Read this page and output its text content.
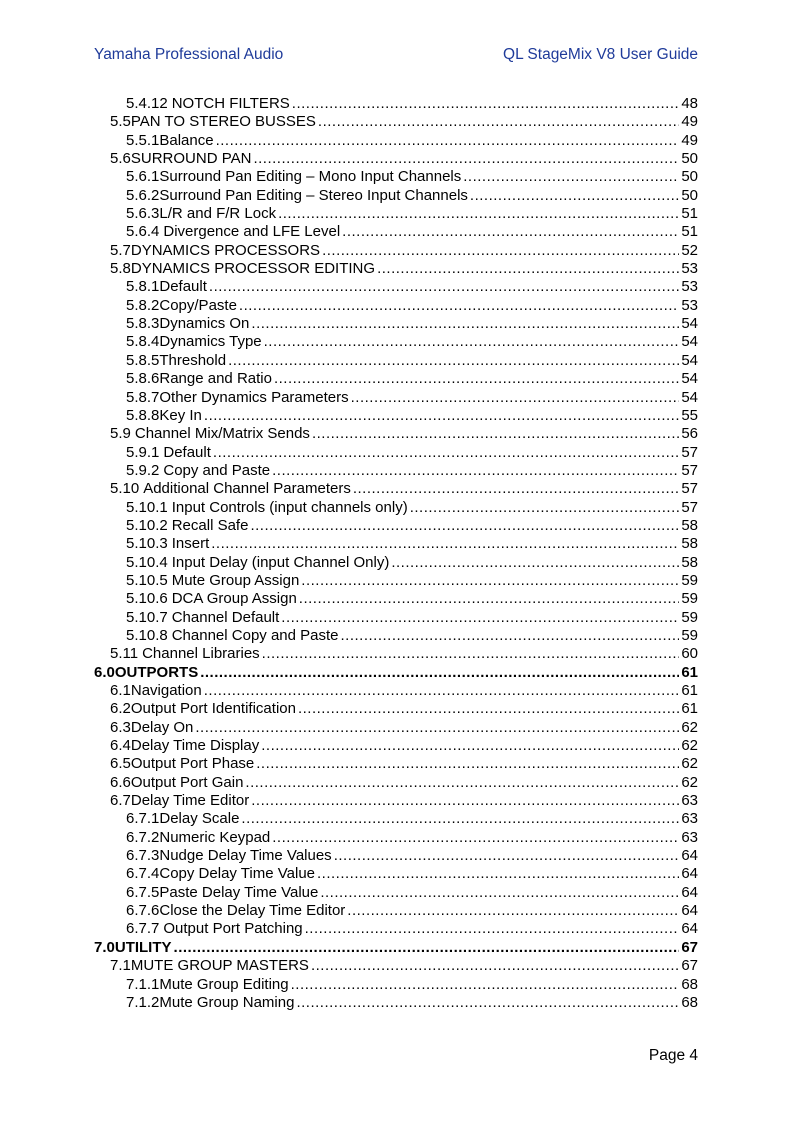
Yamaha Professional Audio	QL StageMix V8 User Guide
5.4.12 NOTCH FILTERS .....	48
5.5 PAN TO STEREO BUSSES .....	49
5.5.1 Balance .....	49
5.6 SURROUND PAN .....	50
5.6.1 Surround Pan Editing – Mono Input Channels .....	50
5.6.2 Surround Pan Editing – Stereo Input Channels .....	50
5.6.3 L/R and F/R Lock .....	51
5.6.4 Divergence and LFE Level .....	51
5.7 DYNAMICS PROCESSORS .....	52
5.8 DYNAMICS PROCESSOR EDITING .....	53
5.8.1 Default .....	53
5.8.2 Copy/Paste .....	53
5.8.3 Dynamics On .....	54
5.8.4 Dynamics Type .....	54
5.8.5 Threshold .....	54
5.8.6 Range and Ratio .....	54
5.8.7 Other Dynamics Parameters .....	54
5.8.8 Key In .....	55
5.9 Channel Mix/Matrix Sends .....	56
5.9.1 Default .....	57
5.9.2 Copy and Paste .....	57
5.10 Additional Channel Parameters .....	57
5.10.1 Input Controls (input channels only) .....	57
5.10.2 Recall Safe .....	58
5.10.3 Insert .....	58
5.10.4 Input Delay (input Channel Only) .....	58
5.10.5 Mute Group Assign .....	59
5.10.6 DCA Group Assign .....	59
5.10.7 Channel Default .....	59
5.10.8 Channel Copy and Paste .....	59
5.11 Channel Libraries .....	60
6.0 OUTPORTS .....	61
6.1 Navigation .....	61
6.2 Output Port Identification .....	61
6.3 Delay On .....	62
6.4 Delay Time Display .....	62
6.5 Output Port Phase .....	62
6.6 Output Port Gain .....	62
6.7 Delay Time Editor .....	63
6.7.1 Delay Scale .....	63
6.7.2 Numeric Keypad .....	63
6.7.3 Nudge Delay Time Values .....	64
6.7.4 Copy Delay Time Value .....	64
6.7.5 Paste Delay Time Value .....	64
6.7.6 Close the Delay Time Editor .....	64
6.7.7 Output Port Patching .....	64
7.0 UTILITY .....	67
7.1 MUTE GROUP MASTERS .....	67
7.1.1 Mute Group Editing .....	68
7.1.2 Mute Group Naming .....	68
Page 4
